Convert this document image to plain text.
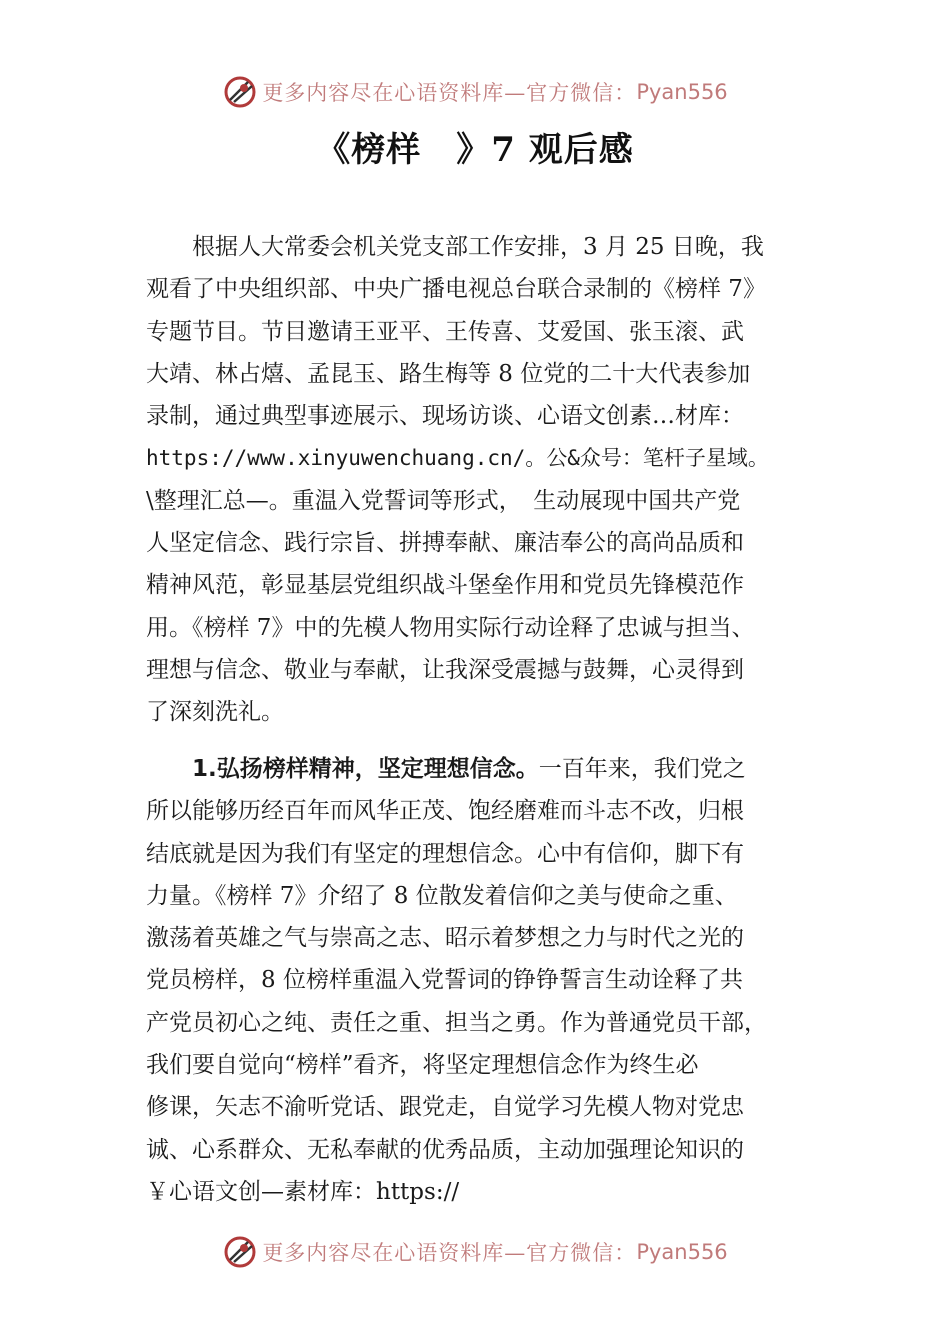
更多内容尽在心语资料库—官方微信： Pyan556
《榜样　》7 观后感
根据人大常委会机关党支部工作安排，3 月 25 日晚，我
观看了中央组织部、中央广播电视总台联合录制的《榜样 7》
专题节目。节目邀请王亚平、王传喜、艾爱国、张玉滚、武
大靖、林占熺、孟昆玉、路生梅等 8 位党的二十大代表参加
录制，通过典型事迹展示、现场访谈、心语文创素…材库：
https://www.xinyuwenchuang.cn/。公&众号：笔杆子星域。
\整理汇总—。重温入党誓词等形式，　生动展现中国共产党
人坚定信念、践行宗旨、拼搏奉献、廉洁奉公的高尚品质和
精神风范，彰显基层党组织战斗堡垒作用和党员先锋模范作
用。《榜样 7》中的先模人物用实际行动诠释了忠诚与担当、
理想与信念、敬业与奉献，让我深受震撼与鼓舞，心灵得到
了深刻洗礼。
1.弘扬榜样精神，坚定理想信念。一百年来，我们党之
所以能够历经百年而风华正茂、饱经磨难而斗志不改，归根
结底就是因为我们有坚定的理想信念。心中有信仰，脚下有
力量。《榜样 7》介绍了 8 位散发着信仰之美与使命之重、
激荡着英雄之气与崇高之志、昭示着梦想之力与时代之光的
党员榜样，8 位榜样重温入党誓词的铮铮誓言生动诠释了共
产党员初心之纯、责任之重、担当之勇。作为普通党员干部，
我们要自觉向“榜样”看齐，将坚定理想信念作为终生必
修课，矢志不渝听党话、跟党走，自觉学习先模人物对党忠
诚、心系群众、无私奉献的优秀品质，主动加强理论知识的
￥心语文创—素材库：https://
更多内容尽在心语资料库—官方微信： Pyan556
